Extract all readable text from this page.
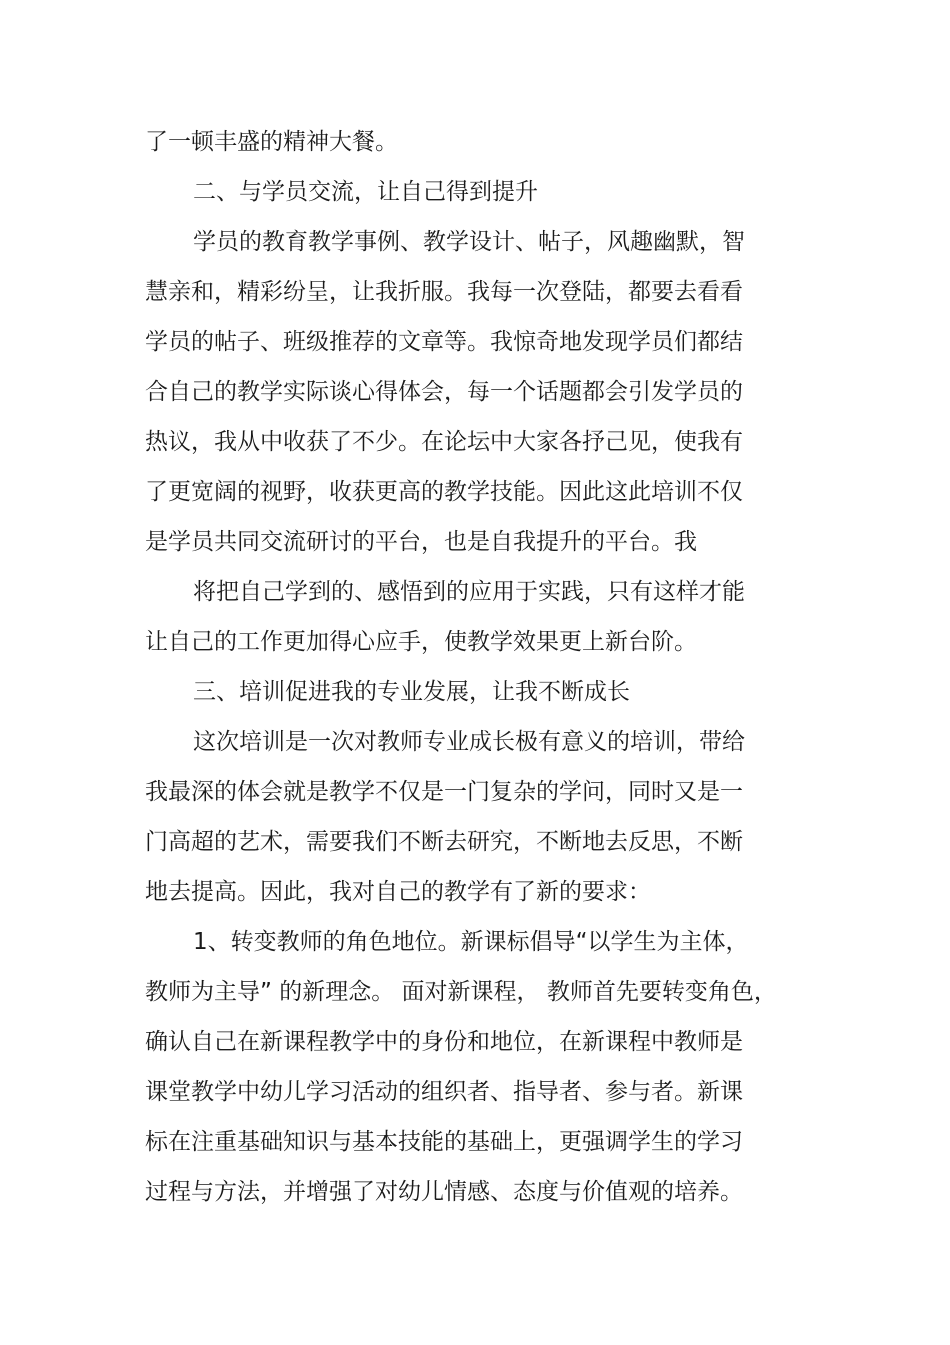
了一顿丰盛的精神大餐。
二、与学员交流，让自己得到提升
学员的教育教学事例、教学设计、帖子，风趣幽默，智
慧亲和，精彩纷呈，让我折服。我每一次登陆，都要去看看
学员的帖子、班级推荐的文章等。我惊奇地发现学员们都结
合自己的教学实际谈心得体会，每一个话题都会引发学员的
热议，我从中收获了不少。在论坛中大家各抒己见，使我有
了更宽阔的视野，收获更高的教学技能。因此这此培训不仅
是学员共同交流研讨的平台，也是自我提升的平台。我
将把自己学到的、感悟到的应用于实践，只有这样才能
让自己的工作更加得心应手，使教学效果更上新台阶。
三、培训促进我的专业发展，让我不断成长
这次培训是一次对教师专业成长极有意义的培训，带给
我最深的体会就是教学不仅是一门复杂的学问，同时又是一
门高超的艺术，需要我们不断去研究，不断地去反思，不断
地去提高。因此，我对自己的教学有了新的要求：
1、转变教师的角色地位。新课标倡导“以学生为主体，
教师为主导” 的新理念。 面对新课程， 教师首先要转变角色，
确认自己在新课程教学中的身份和地位，在新课程中教师是
课堂教学中幼儿学习活动的组织者、指导者、参与者。新课
标在注重基础知识与基本技能的基础上，更强调学生的学习
过程与方法，并增强了对幼儿情感、态度与价值观的培养。
